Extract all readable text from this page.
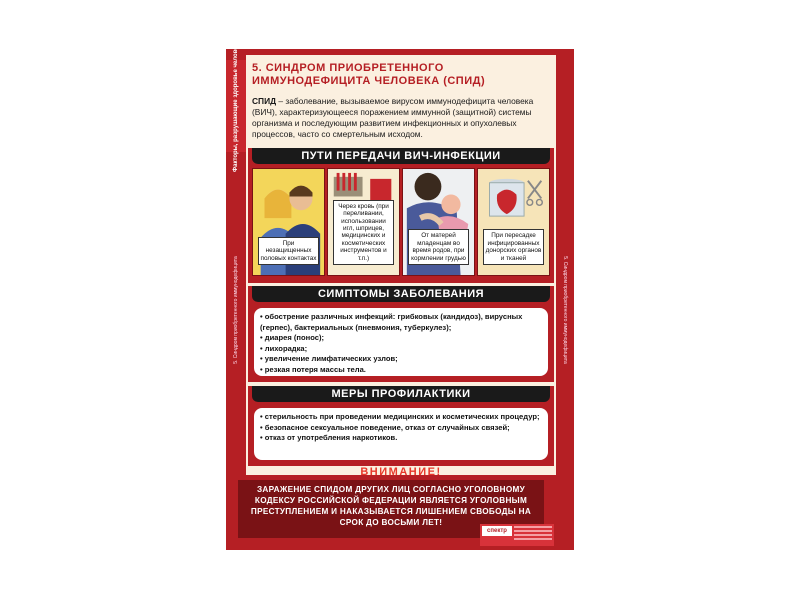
Факторы, разрушающие здоровье человека
5. Синдром приобретенного иммунодефицита	5. Синдром приобретенного иммунодефицита
5. СИНДРОМ ПРИОБРЕТЕННОГО ИММУНОДЕФИЦИТА ЧЕЛОВЕКА (СПИД)
СПИД – заболевание, вызываемое вирусом иммунодефицита человека (ВИЧ), характеризующееся поражением иммунной (защитной) системы организма и последующим развитием инфекционных и опухолевых процессов, часто со смертельным исходом.
ПУТИ ПЕРЕДАЧИ ВИЧ-ИНФЕКЦИИ
При незащищенных половых контактах
Через кровь (при переливании, использовании игл, шприцев, медицинских и косметических инструментов и т.п.)
От матерей младенцам во время родов, при кормлении грудью
При пересадке инфицированных донорских органов и тканей
СИМПТОМЫ ЗАБОЛЕВАНИЯ
• обострение различных инфекций: грибковых (кандидоз), вирусных (герпес), бактериальных (пневмония, туберкулез);
• диарея (понос);
• лихорадка;
• увеличение лимфатических узлов;
• резкая потеря массы тела.
МЕРЫ ПРОФИЛАКТИКИ
• стерильность при проведении медицинских и косметических процедур;
• безопасное сексуальное поведение, отказ от случайных связей;
• отказ от употребления наркотиков.
ВНИМАНИЕ!
ЗАРАЖЕНИЕ СПИДОМ ДРУГИХ ЛИЦ СОГЛАСНО УГОЛОВНОМУ КОДЕКСУ РОССИЙСКОЙ ФЕДЕРАЦИИ ЯВЛЯЕТСЯ УГОЛОВНЫМ ПРЕСТУПЛЕНИЕМ И НАКАЗЫВАЕТСЯ ЛИШЕНИЕМ СВОБОДЫ НА СРОК ДО ВОСЬМИ ЛЕТ!
спектр
